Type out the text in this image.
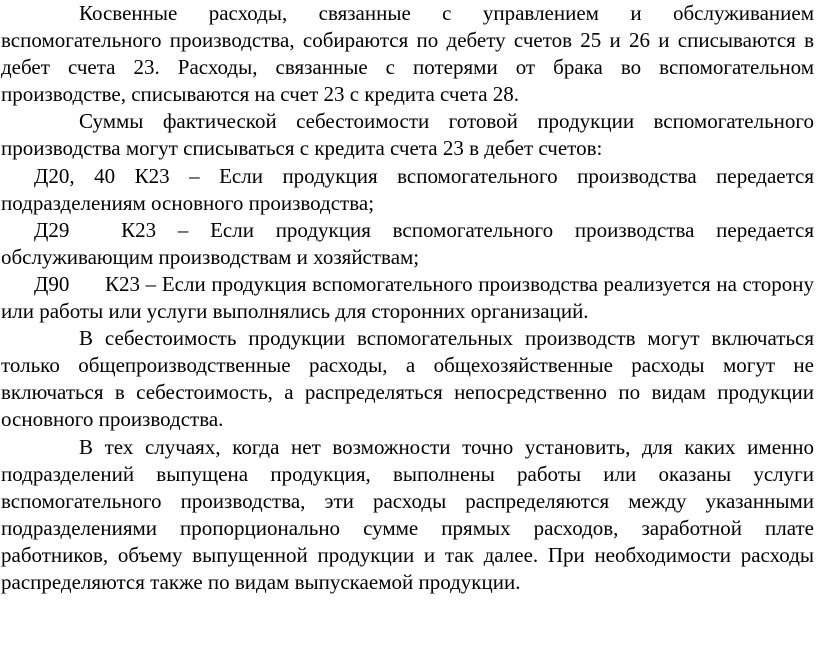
Косвенные расходы, связанные с управлением и обслуживанием вспомогательного производства, собираются по дебету счетов 25 и 26 и списываются в дебет счета 23. Расходы, связанные с потерями от брака во вспомогательном производстве, списываются на счет 23 с кредита счета 28.

Суммы фактической себестоимости готовой продукции вспомогательного производства могут списываться с кредита счета 23 в дебет счетов:

Д20, 40 К23 – Если продукция вспомогательного производства передается подразделениям основного производства;

Д29 К23 – Если продукция вспомогательного производства передается обслуживающим производствам и хозяйствам;

Д90 К23 – Если продукция вспомогательного производства реализуется на сторону или работы или услуги выполнялись для сторонних организаций.

В себестоимость продукции вспомогательных производств могут включаться только общепроизводственные расходы, а общехозяйственные расходы могут не включаться в себестоимость, а распределяться непосредственно по видам продукции основного производства.

В тех случаях, когда нет возможности точно установить, для каких именно подразделений выпущена продукция, выполнены работы или оказаны услуги вспомогательного производства, эти расходы распределяются между указанными подразделениями пропорционально сумме прямых расходов, заработной плате работников, объему выпущенной продукции и так далее. При необходимости расходы распределяются также по видам выпускаемой продукции.
